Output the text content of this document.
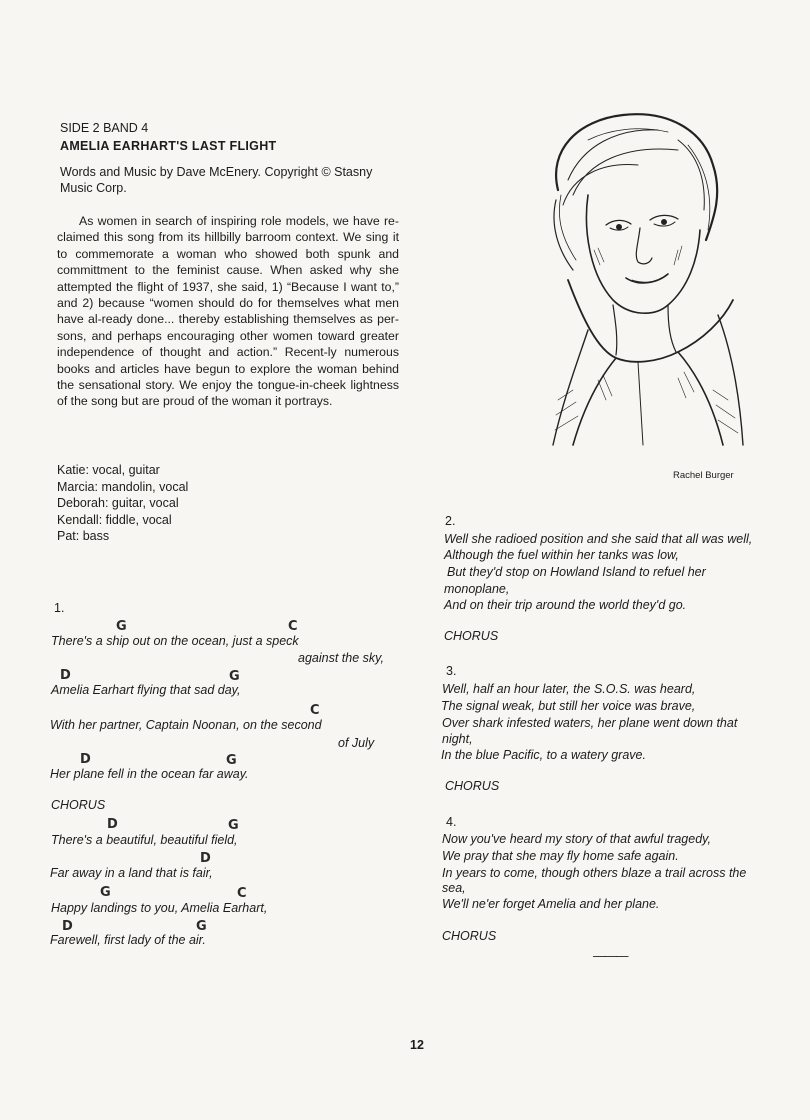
SIDE 2 BAND 4
AMELIA EARHART'S LAST FLIGHT
Words and Music by Dave McEnery. Copyright © Stasny
Music Corp.
As women in search of inspiring role models, we have re-claimed this song from its hillbilly barroom context. We sing it to commemorate a woman who showed both spunk and committment to the feminist cause. When asked why she attempted the flight of 1937, she said, 1) “Because I want to,” and 2) because “women should do for themselves what men have al-ready done... thereby establishing themselves as per-sons, and perhaps encouraging other women toward greater independence of thought and action.” Recent-ly numerous books and articles have begun to explore the woman behind the sensational story. We enjoy the tongue-in-cheek lightness of the song but are proud of the woman it portrays.
Katie: vocal, guitar
Marcia: mandolin, vocal
Deborah: guitar, vocal
Kendall: fiddle, vocal
Pat: bass
Rachel Burger
1.
G	C
There's a ship out on the ocean, just a speck
against the sky,
D	G
Amelia Earhart flying that sad day,
C
With her partner, Captain Noonan, on the second
of July
D	G
Her plane fell in the ocean far away.
CHORUS
D	G
There's a beautiful, beautiful field,
D
Far away in a land that is fair,
G	C
Happy landings to you, Amelia Earhart,
D	G
Farewell, first lady of the air.
2.
Well she radioed position and she said that all was well,
Although the fuel within her tanks was low,
But they'd stop on Howland Island to refuel her
monoplane,
And on their trip around the world they'd go.
CHORUS
3.
Well, half an hour later, the S.O.S. was heard,
The signal weak, but still her voice was brave,
Over shark infested waters, her plane went down that
night,
In the blue Pacific, to a watery grave.
CHORUS
4.
Now you've heard my story of that awful tragedy,
We pray that she may fly home safe again.
In years to come, though others blaze a trail across the
sea,
We'll ne'er forget Amelia and her plane.
CHORUS
———
12
